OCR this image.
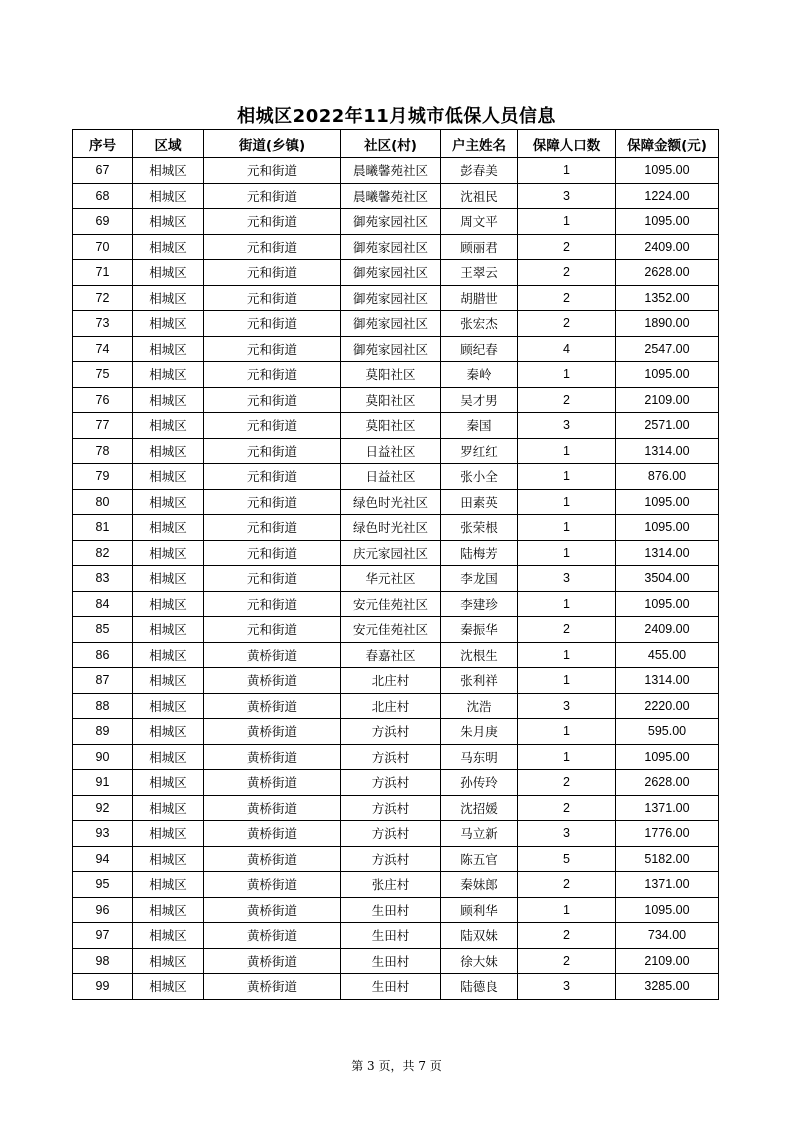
相城区2022年11月城市低保人员信息
序号	区域	街道(乡镇)	社区(村)	户主姓名	保障人口数	保障金额(元)
67	相城区	元和街道	晨曦馨苑社区	彭春美	1	1095.00
68	相城区	元和街道	晨曦馨苑社区	沈祖民	3	1224.00
69	相城区	元和街道	御苑家园社区	周文平	1	1095.00
70	相城区	元和街道	御苑家园社区	顾丽君	2	2409.00
71	相城区	元和街道	御苑家园社区	王翠云	2	2628.00
72	相城区	元和街道	御苑家园社区	胡腊世	2	1352.00
73	相城区	元和街道	御苑家园社区	张宏杰	2	1890.00
74	相城区	元和街道	御苑家园社区	顾纪春	4	2547.00
75	相城区	元和街道	莫阳社区	秦岭	1	1095.00
76	相城区	元和街道	莫阳社区	吴才男	2	2109.00
77	相城区	元和街道	莫阳社区	秦国	3	2571.00
78	相城区	元和街道	日益社区	罗红红	1	1314.00
79	相城区	元和街道	日益社区	张小全	1	876.00
80	相城区	元和街道	绿色时光社区	田素英	1	1095.00
81	相城区	元和街道	绿色时光社区	张荣根	1	1095.00
82	相城区	元和街道	庆元家园社区	陆梅芳	1	1314.00
83	相城区	元和街道	华元社区	李龙国	3	3504.00
84	相城区	元和街道	安元佳苑社区	李建珍	1	1095.00
85	相城区	元和街道	安元佳苑社区	秦振华	2	2409.00
86	相城区	黄桥街道	春嘉社区	沈根生	1	455.00
87	相城区	黄桥街道	北庄村	张利祥	1	1314.00
88	相城区	黄桥街道	北庄村	沈浩	3	2220.00
89	相城区	黄桥街道	方浜村	朱月庚	1	595.00
90	相城区	黄桥街道	方浜村	马东明	1	1095.00
91	相城区	黄桥街道	方浜村	孙传玲	2	2628.00
92	相城区	黄桥街道	方浜村	沈招媛	2	1371.00
93	相城区	黄桥街道	方浜村	马立新	3	1776.00
94	相城区	黄桥街道	方浜村	陈五官	5	5182.00
95	相城区	黄桥街道	张庄村	秦妹郎	2	1371.00
96	相城区	黄桥街道	生田村	顾利华	1	1095.00
97	相城区	黄桥街道	生田村	陆双妹	2	734.00
98	相城区	黄桥街道	生田村	徐大妹	2	2109.00
99	相城区	黄桥街道	生田村	陆德良	3	3285.00
第 3 页，共 7 页
